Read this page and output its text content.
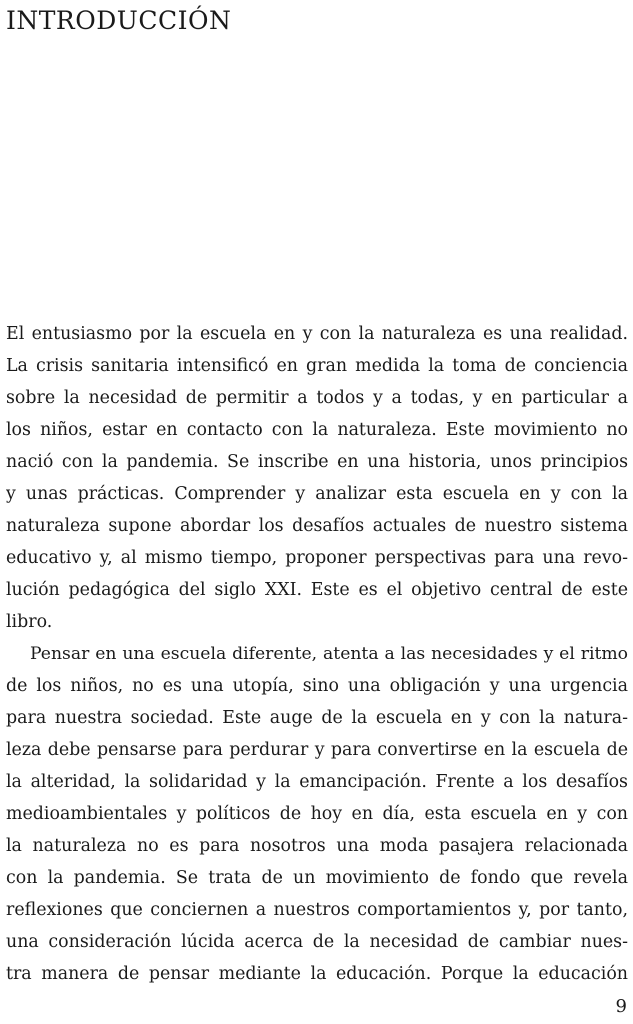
INTRODUCCIÓN
El entusiasmo por la escuela en y con la naturaleza es una realidad.
La crisis sanitaria intensificó en gran medida la toma de conciencia
sobre la necesidad de permitir a todos y a todas, y en particular a
los niños, estar en contacto con la naturaleza. Este movimiento no
nació con la pandemia. Se inscribe en una historia, unos principios
y unas prácticas. Comprender y analizar esta escuela en y con la
naturaleza supone abordar los desafíos actuales de nuestro sistema
educativo y, al mismo tiempo, proponer perspectivas para una revo-
lución pedagógica del siglo XXI. Este es el objetivo central de este
libro.
Pensar en una escuela diferente, atenta a las necesidades y el ritmo
de los niños, no es una utopía, sino una obligación y una urgencia
para nuestra sociedad. Este auge de la escuela en y con la natura-
leza debe pensarse para perdurar y para convertirse en la escuela de
la alteridad, la solidaridad y la emancipación. Frente a los desafíos
medioambientales y políticos de hoy en día, esta escuela en y con
la naturaleza no es para nosotros una moda pasajera relacionada
con la pandemia. Se trata de un movimiento de fondo que revela
reflexiones que conciernen a nuestros comportamientos y, por tanto,
una consideración lúcida acerca de la necesidad de cambiar nues-
tra manera de pensar mediante la educación. Porque la educación
9
